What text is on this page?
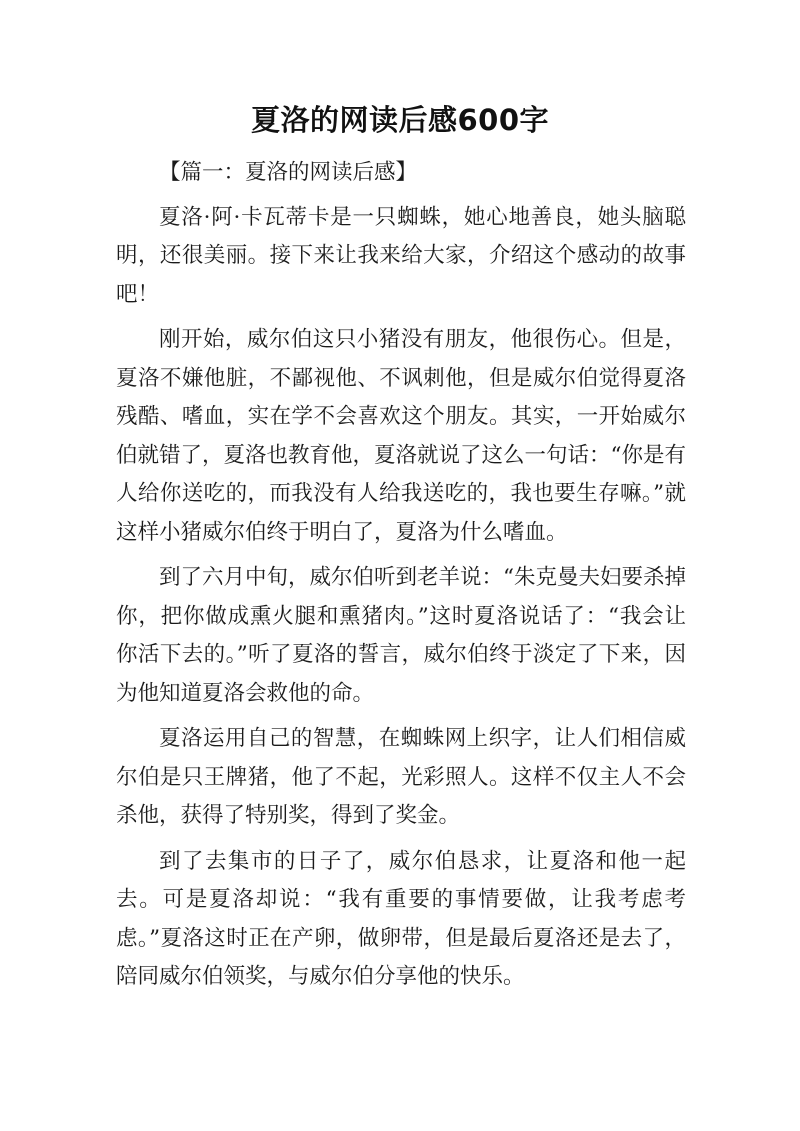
夏洛的网读后感600字

【篇一：夏洛的网读后感】

夏洛·阿·卡瓦蒂卡是一只蜘蛛，她心地善良，她头脑聪明，还很美丽。接下来让我来给大家，介绍这个感动的故事吧！

刚开始，威尔伯这只小猪没有朋友，他很伤心。但是，夏洛不嫌他脏，不鄙视他、不讽刺他，但是威尔伯觉得夏洛残酷、嗜血，实在学不会喜欢这个朋友。其实，一开始威尔伯就错了，夏洛也教育他，夏洛就说了这么一句话：“你是有人给你送吃的，而我没有人给我送吃的，我也要生存嘛。”就这样小猪威尔伯终于明白了，夏洛为什么嗜血。

到了六月中旬，威尔伯听到老羊说：“朱克曼夫妇要杀掉你，把你做成熏火腿和熏猪肉。”这时夏洛说话了：“我会让你活下去的。”听了夏洛的誓言，威尔伯终于淡定了下来，因为他知道夏洛会救他的命。

夏洛运用自己的智慧，在蜘蛛网上织字，让人们相信威尔伯是只王牌猪，他了不起，光彩照人。这样不仅主人不会杀他，获得了特别奖，得到了奖金。

到了去集市的日子了，威尔伯恳求，让夏洛和他一起去。可是夏洛却说：“我有重要的事情要做，让我考虑考虑。”夏洛这时正在产卵，做卵带，但是最后夏洛还是去了，陪同威尔伯领奖，与威尔伯分享他的快乐。
